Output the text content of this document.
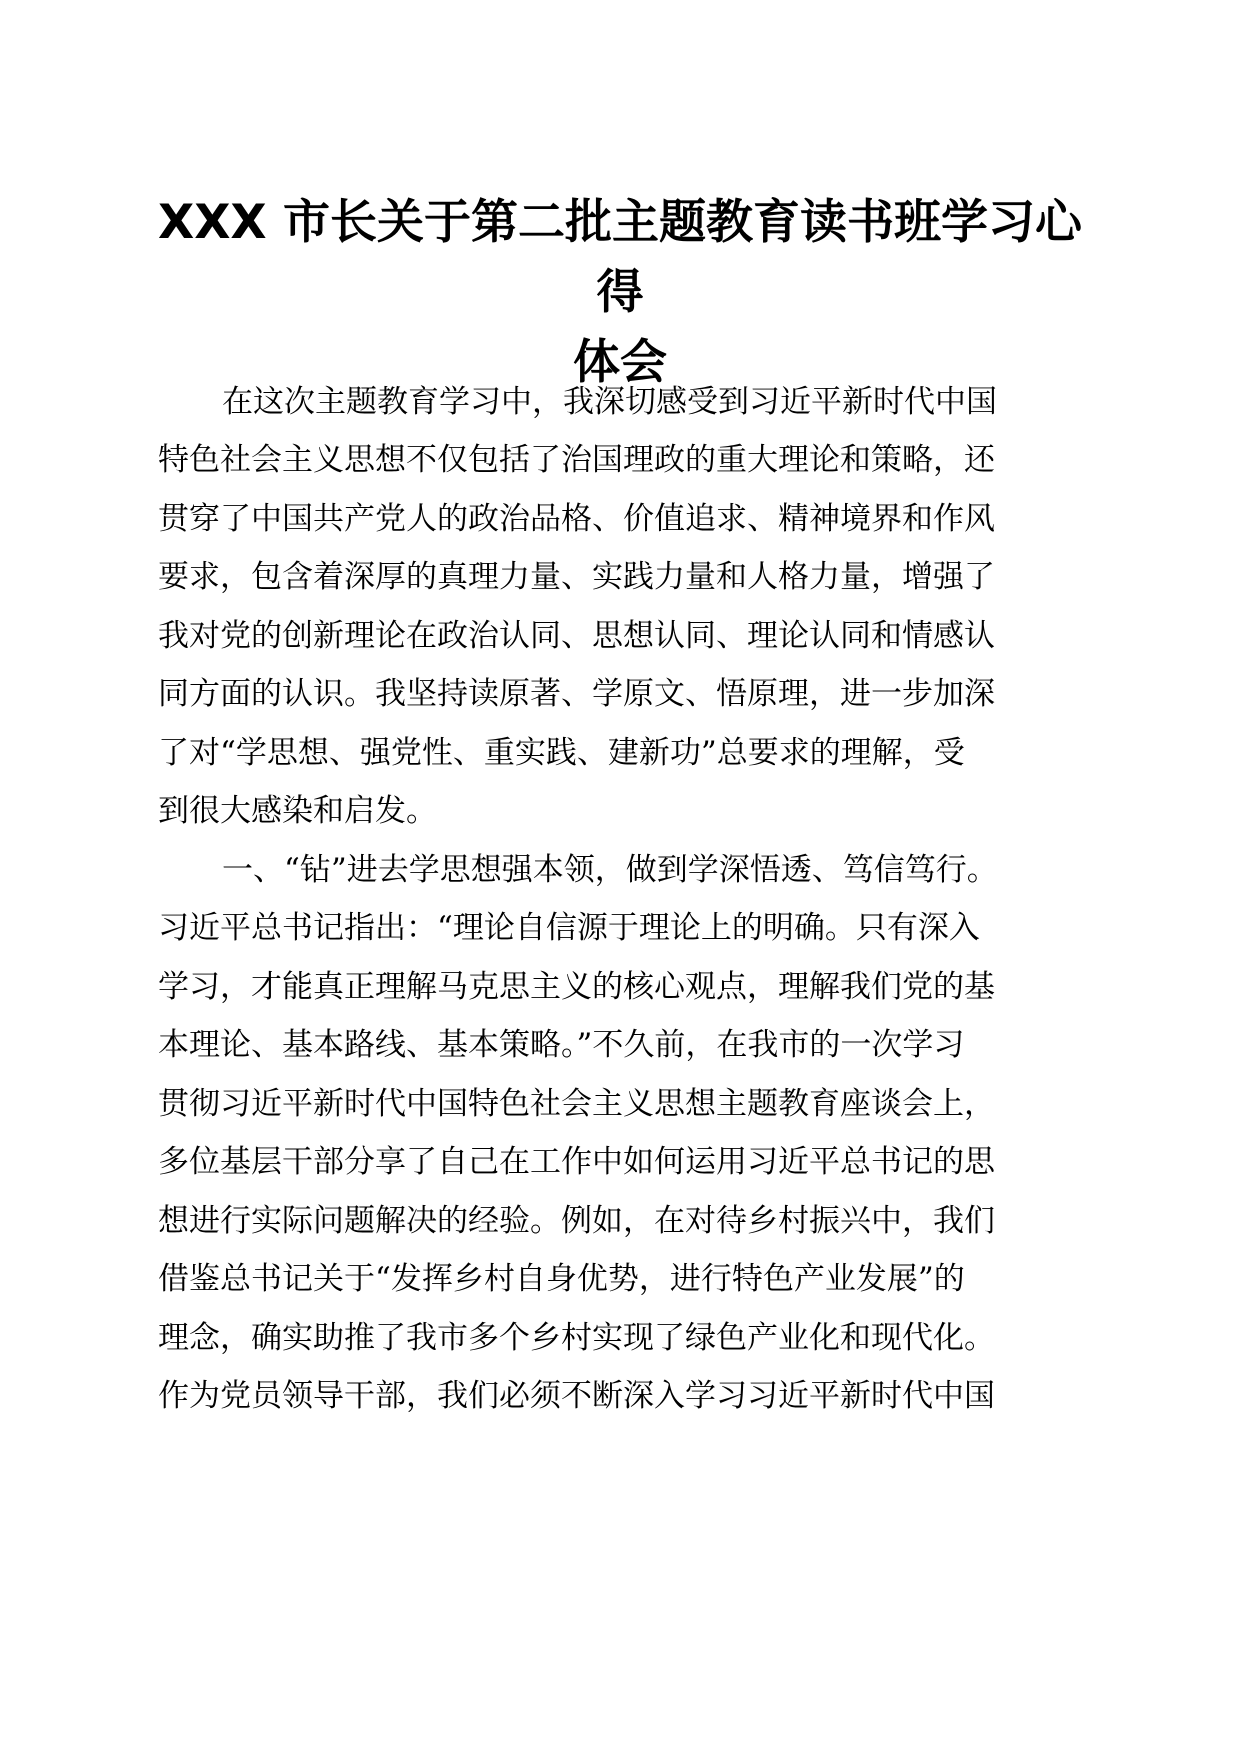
XXX 市长关于第二批主题教育读书班学习心得
体会
在这次主题教育学习中，我深切感受到习近平新时代中国
特色社会主义思想不仅包括了治国理政的重大理论和策略，还
贯穿了中国共产党人的政治品格、价值追求、精神境界和作风
要求，包含着深厚的真理力量、实践力量和人格力量，增强了
我对党的创新理论在政治认同、思想认同、理论认同和情感认
同方面的认识。我坚持读原著、学原文、悟原理，进一步加深
了对“学思想、强党性、重实践、建新功”总要求的理解，受
到很大感染和启发。
一、“钻”进去学思想强本领，做到学深悟透、笃信笃行。
习近平总书记指出：“理论自信源于理论上的明确。只有深入
学习，才能真正理解马克思主义的核心观点，理解我们党的基
本理论、基本路线、基本策略。”不久前，在我市的一次学习
贯彻习近平新时代中国特色社会主义思想主题教育座谈会上，
多位基层干部分享了自己在工作中如何运用习近平总书记的思
想进行实际问题解决的经验。例如，在对待乡村振兴中，我们
借鉴总书记关于“发挥乡村自身优势，进行特色产业发展”的
理念，确实助推了我市多个乡村实现了绿色产业化和现代化。
作为党员领导干部，我们必须不断深入学习习近平新时代中国
